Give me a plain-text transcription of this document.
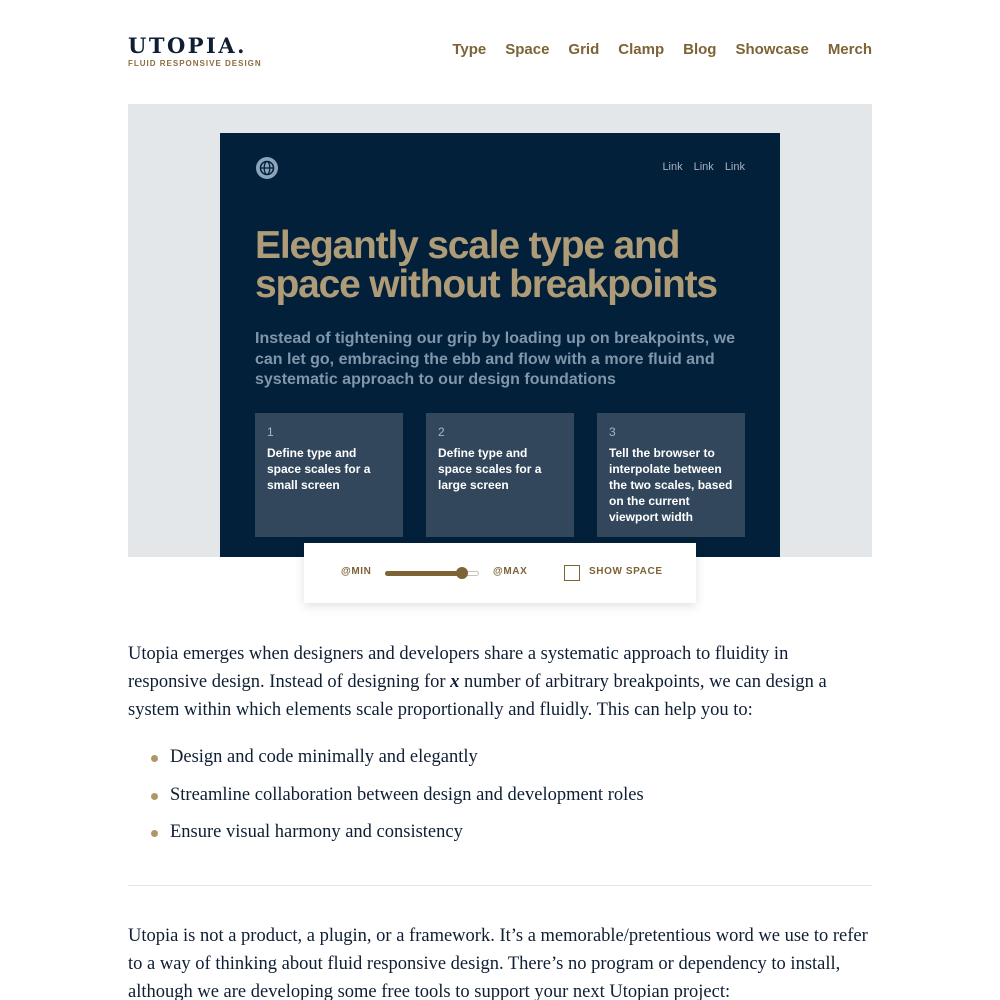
UTOPIA.
FLUID RESPONSIVE DESIGN
Type Space Grid Clamp Blog Showcase Merch
Link Link Link
Elegantly scale type and space without breakpoints

Instead of tightening our grip by loading up on breakpoints, we can let go, embracing the ebb and flow with a more fluid and systematic approach to our design foundations

1
Define type and space scales for a small screen
2
Define type and space scales for a large screen
3
Tell the browser to interpolate between the two scales, based on the current viewport width
@MIN	@MAX	SHOW SPACE

Utopia emerges when designers and developers share a systematic approach to fluidity in responsive design. Instead of designing for x number of arbitrary breakpoints, we can design a system within which elements scale proportionally and fluidly. This can help you to:

Design and code minimally and elegantly
Streamline collaboration between design and development roles
Ensure visual harmony and consistency

Utopia is not a product, a plugin, or a framework. It’s a memorable/pretentious word we use to refer to a way of thinking about fluid responsive design. There’s no program or dependency to install, although we are developing some free tools to support your next Utopian project:
